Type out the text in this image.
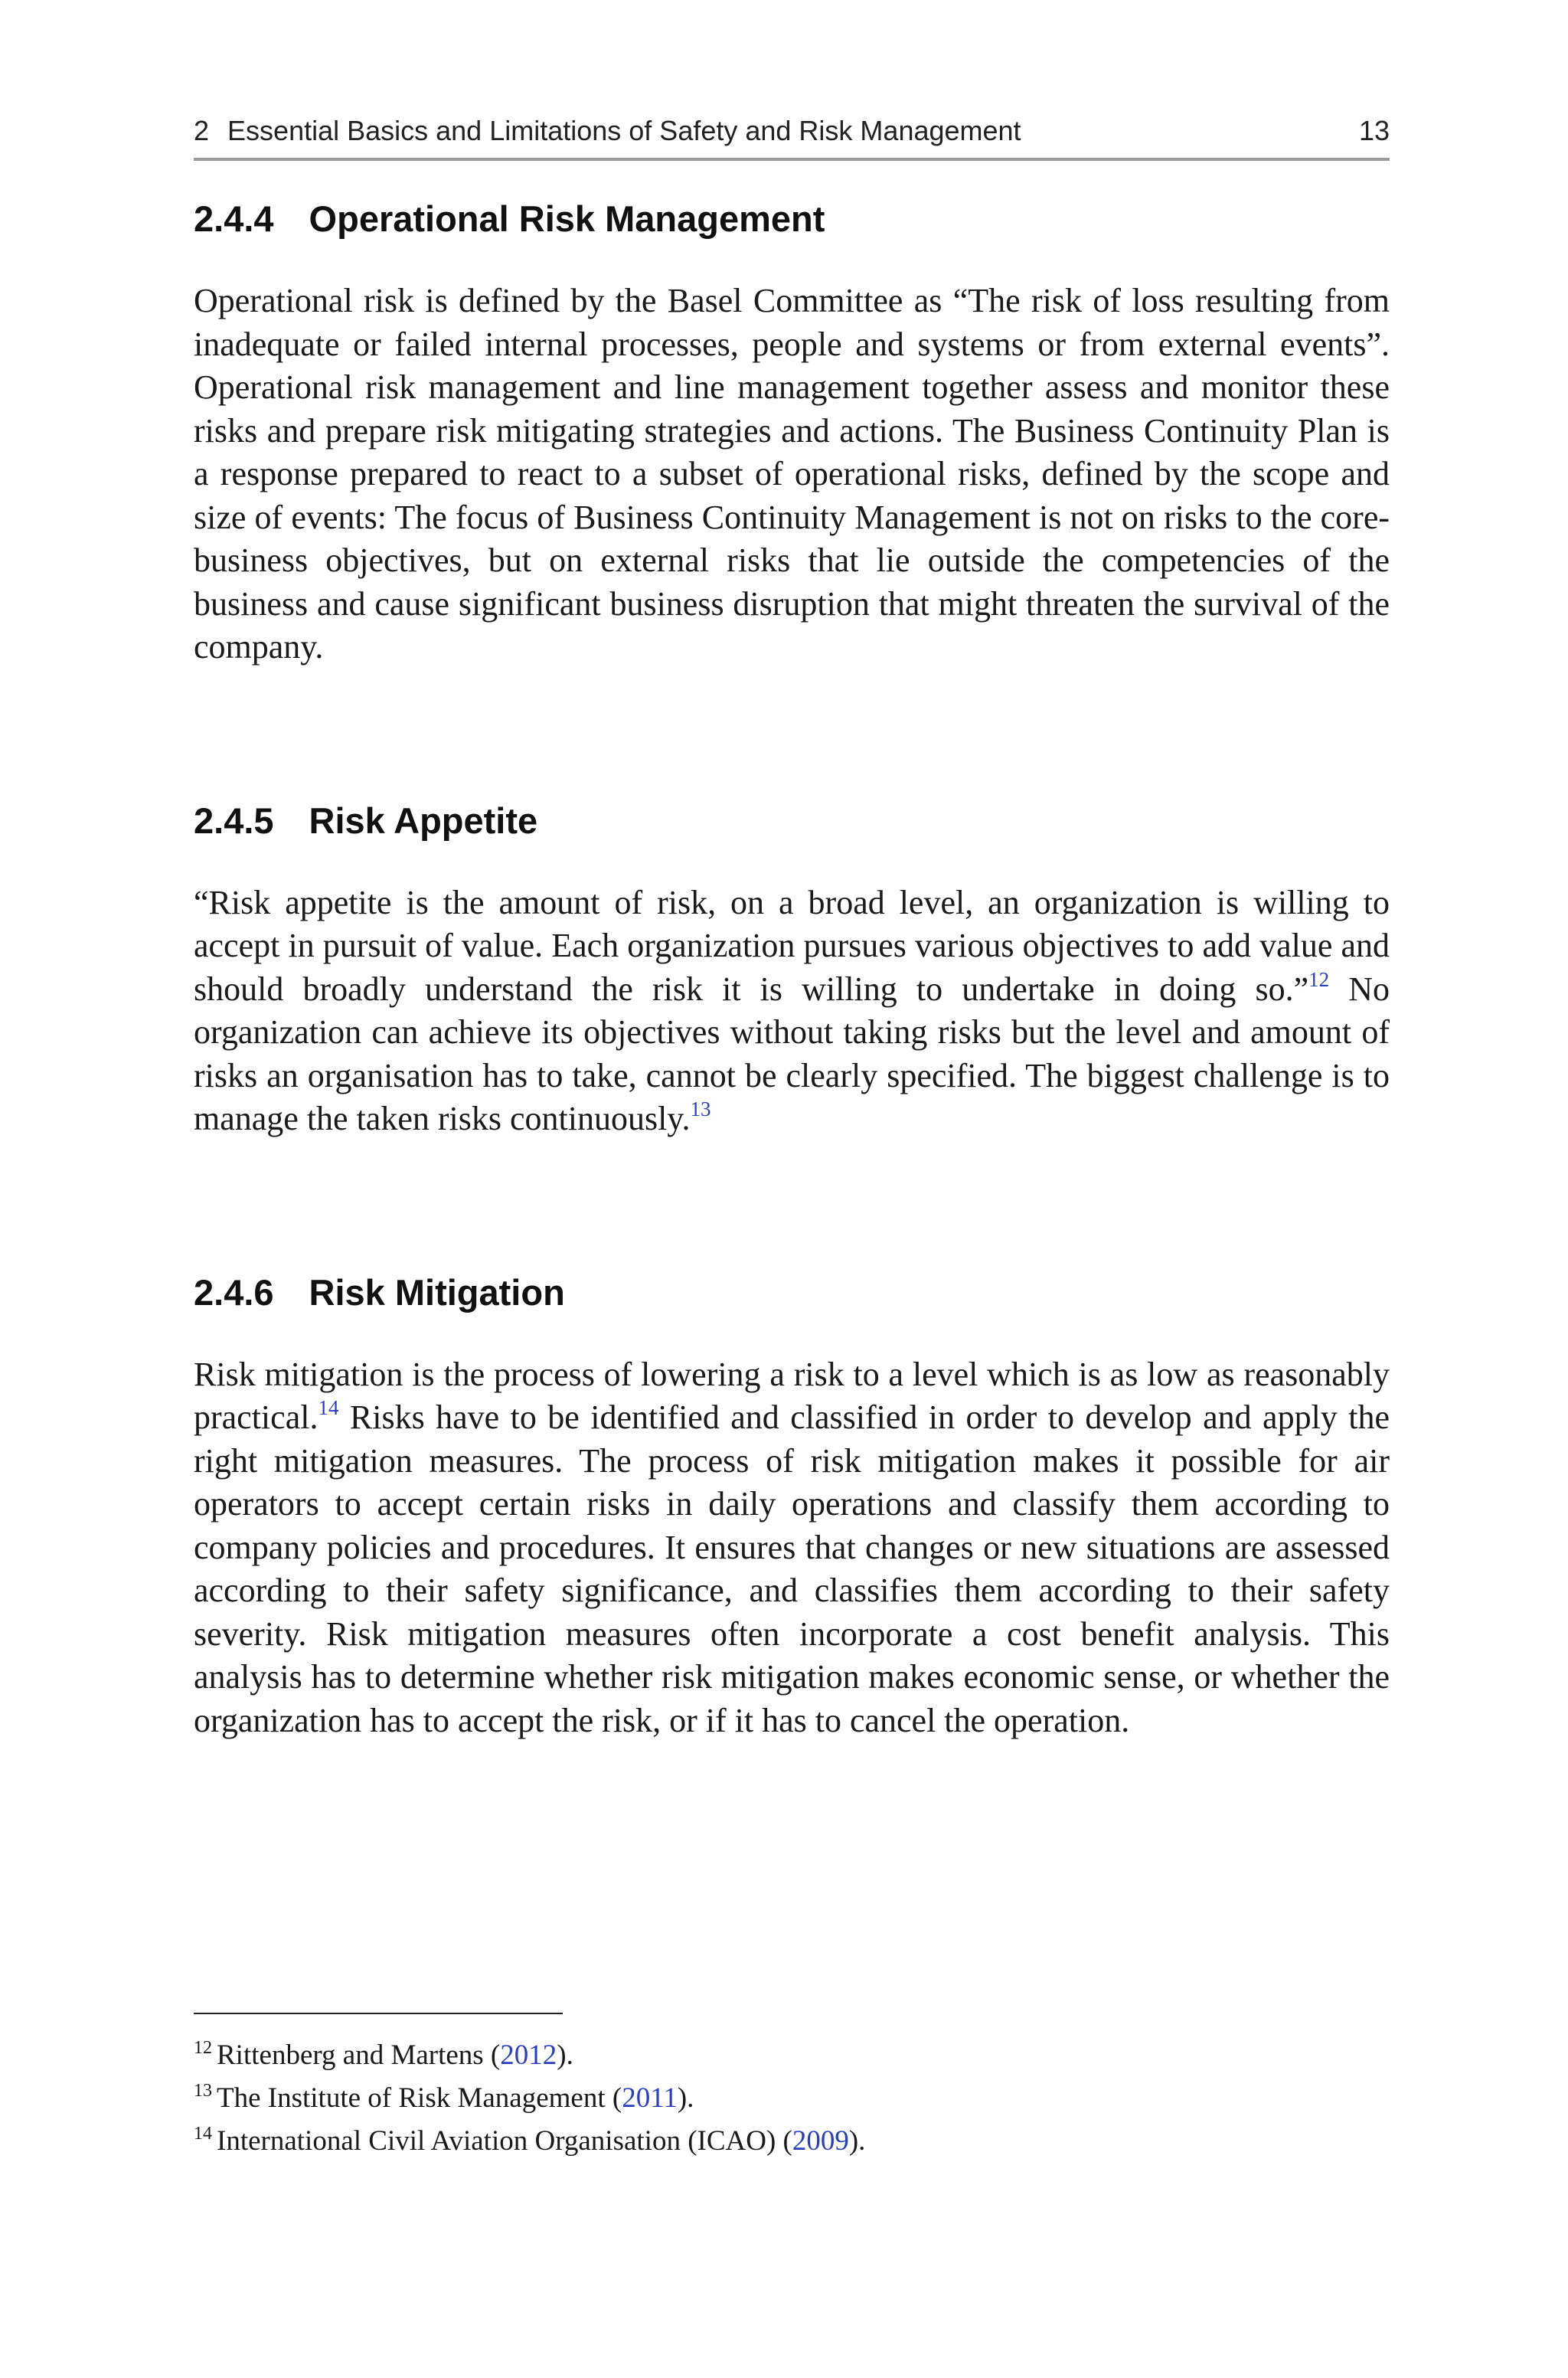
2 Essential Basics and Limitations of Safety and Risk Management	13
2.4.4 Operational Risk Management

Operational risk is defined by the Basel Committee as “The risk of loss resulting from inadequate or failed internal processes, people and systems or from external events”. Operational risk management and line management together assess and monitor these risks and prepare risk mitigating strategies and actions. The Business Continuity Plan is a response prepared to react to a subset of operational risks, defined by the scope and size of events: The focus of Business Continuity Management is not on risks to the core-business objectives, but on external risks that lie outside the competencies of the business and cause significant business disruption that might threaten the survival of the company.

2.4.5 Risk Appetite

“Risk appetite is the amount of risk, on a broad level, an organization is willing to accept in pursuit of value. Each organization pursues various objectives to add value and should broadly understand the risk it is willing to undertake in doing so.”$^{12}$ No organization can achieve its objectives without taking risks but the level and amount of risks an organisation has to take, cannot be clearly specified. The biggest challenge is to manage the taken risks continuously.$^{13}$

2.4.6 Risk Mitigation

Risk mitigation is the process of lowering a risk to a level which is as low as reasonably practical.$^{14}$ Risks have to be identified and classified in order to develop and apply the right mitigation measures. The process of risk mitigation makes it possible for air operators to accept certain risks in daily operations and classify them according to company policies and procedures. It ensures that changes or new situations are assessed according to their safety significance, and classifies them according to their safety severity. Risk mitigation measures often incorporate a cost benefit analysis. This analysis has to determine whether risk mitigation makes economic sense, or whether the organization has to accept the risk, or if it has to cancel the operation.

$^{12}$ Rittenberg and Martens (2012).
$^{13}$ The Institute of Risk Management (2011).
$^{14}$ International Civil Aviation Organisation (ICAO) (2009).
